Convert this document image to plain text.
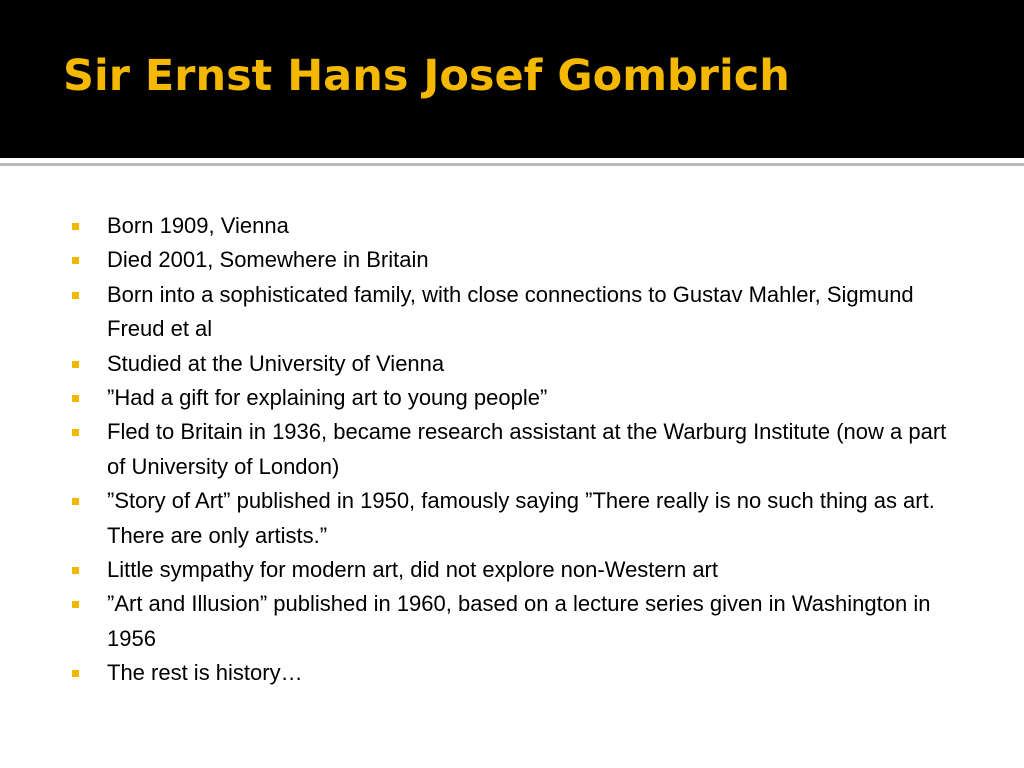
Sir Ernst Hans Josef Gombrich
Born 1909, Vienna
Died 2001, Somewhere in Britain
Born into a sophisticated family, with close connections to Gustav Mahler, Sigmund Freud et al
Studied at the University of Vienna
”Had a gift for explaining art to young people”
Fled to Britain in 1936, became research assistant at the Warburg Institute (now a part of University of London)
”Story of Art” published in 1950, famously saying ”There really is no such thing as art. There are only artists.”
Little sympathy for modern art, did not explore non-Western art
”Art and Illusion” published in 1960, based on a lecture series given in Washington in 1956
The rest is history…
